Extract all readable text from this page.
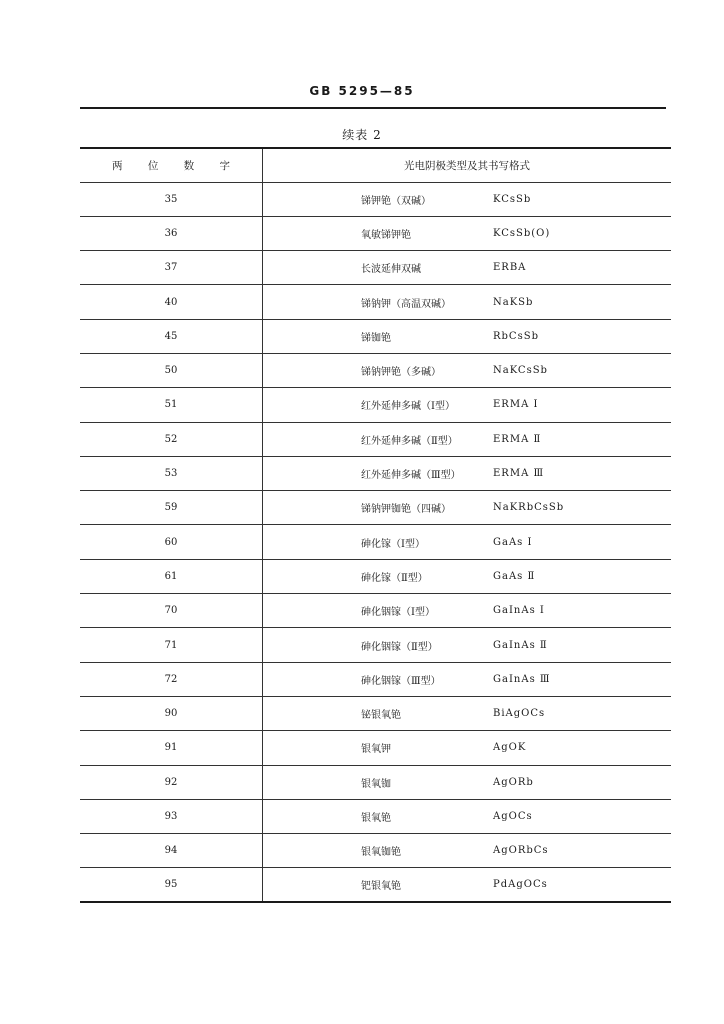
GB 5295—85
续表 2
两 位 数 字	光电阴极类型及其书写格式
35	锑钾铯（双碱） KCsSb

36	氧敏锑钾铯 KCsSb(O)

37	长波延伸双碱 ERBA

40	锑钠钾（高温双碱） NaKSb

45	锑铷铯 RbCsSb

50	锑钠钾铯（多碱） NaKCsSb

51	红外延伸多碱（Ⅰ型） ERMA Ⅰ

52	红外延伸多碱（Ⅱ型） ERMA Ⅱ

53	红外延伸多碱（Ⅲ型） ERMA Ⅲ

59	锑钠钾铷铯（四碱） NaKRbCsSb

60	砷化镓（Ⅰ型） GaAs Ⅰ

61	砷化镓（Ⅱ型） GaAs Ⅱ

70	砷化铟镓（Ⅰ型） GaInAs Ⅰ

71	砷化铟镓（Ⅱ型） GaInAs Ⅱ

72	砷化铟镓（Ⅲ型） GaInAs Ⅲ

90	铋银氧铯 BiAgOCs

91	银氧钾 AgOK

92	银氧铷 AgORb

93	银氧铯 AgOCs

94	银氧铷铯 AgORbCs

95	钯银氧铯 PdAgOCs
